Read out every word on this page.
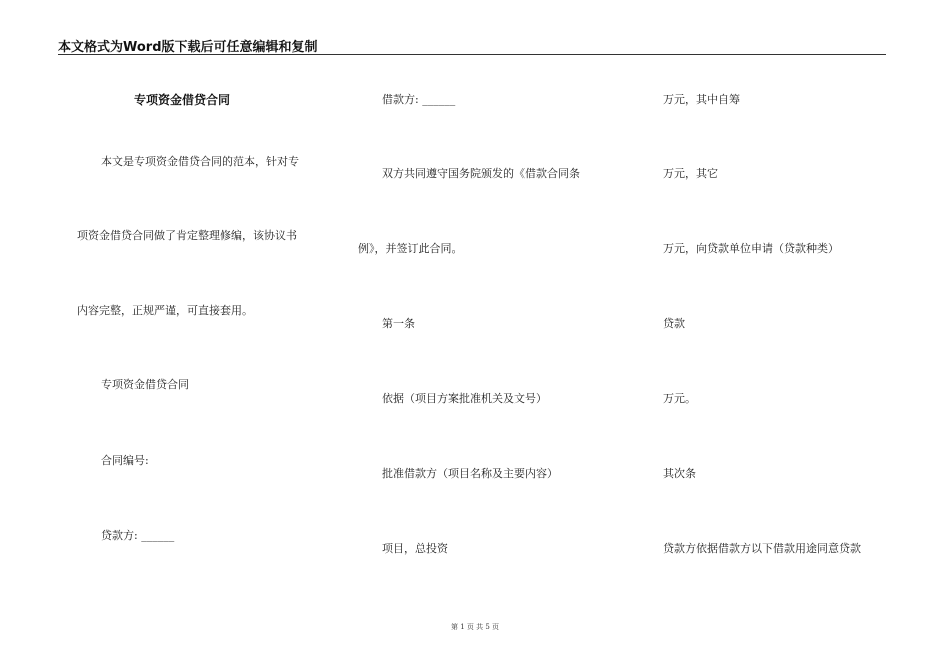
本文格式为Word版下载后可任意编辑和复制
专项资金借贷合同
本文是专项资金借贷合同的范本，针对专
项资金借贷合同做了肯定整理修编，该协议书
内容完整，正规严谨，可直接套用。
专项资金借贷合同
合同编号:
贷款方: ______
借款方: ______
双方共同遵守国务院颁发的《借款合同条
例》，并签订此合同。
第一条
依据（项目方案批准机关及文号）
批准借款方（项目名称及主要内容）
项目，总投资
万元，其中自筹
万元，其它
万元，向贷款单位申请（贷款种类）
贷款
万元。
其次条
贷款方依据借款方以下借款用途同意贷款
第 1 页 共 5 页
